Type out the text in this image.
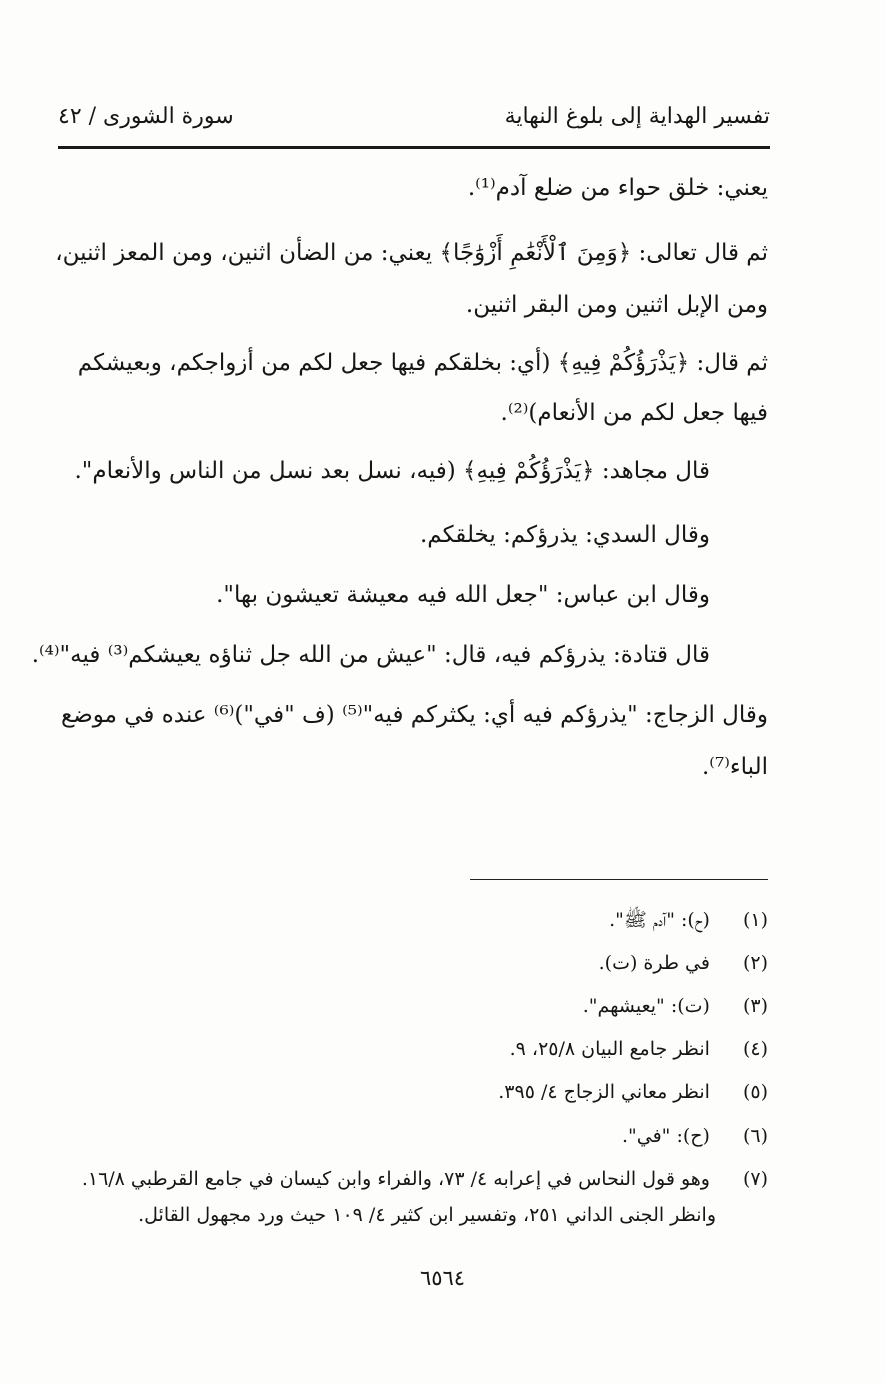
تفسير الهداية إلى بلوغ النهاية
سورة الشورى / ٤٢
يعني: خلق حواء من ضلع آدم⁽¹⁾.
ثم قال تعالى: ﴿وَمِنَ ٱلْأَنْعَٰمِ أَزْوَٰجًا﴾ يعني: من الضأن اثنين، ومن المعز اثنين،
ومن الإبل اثنين ومن البقر اثنين.
ثم قال: ﴿يَذْرَؤُكُمْ فِيهِ﴾ (أي: بخلقكم فيها جعل لكم من أزواجكم، وبعيشكم
فيها جعل لكم من الأنعام)⁽²⁾.
قال مجاهد: ﴿يَذْرَؤُكُمْ فِيهِ﴾ (فيه، نسل بعد نسل من الناس والأنعام".
وقال السدي: يذرؤكم: يخلقكم.
وقال ابن عباس: "جعل الله فيه معيشة تعيشون بها".
قال قتادة: يذرؤكم فيه، قال: "عيش من الله جل ثناؤه يعيشكم⁽³⁾ فيه"⁽⁴⁾.
وقال الزجاج: "يذرؤكم فيه أي: يكثركم فيه"⁽⁵⁾ (ف "في")⁽⁶⁾ عنده في موضع
الباء⁽⁷⁾.
(١) (ح): "آدم ﷺ".
(٢) في طرة (ت).
(٣) (ت): "يعيشهم".
(٤) انظر جامع البيان ٢٥/٨، ٩.
(٥) انظر معاني الزجاج ٤/ ٣٩٥.
(٦) (ح): "في".
(٧) وهو قول النحاس في إعرابه ٤/ ٧٣، والفراء وابن كيسان في جامع القرطبي ١٦/٨.
وانظر الجنى الداني ٢٥١، وتفسير ابن كثير ٤/ ١٠٩ حيث ورد مجهول القائل.
٦٥٦٤
